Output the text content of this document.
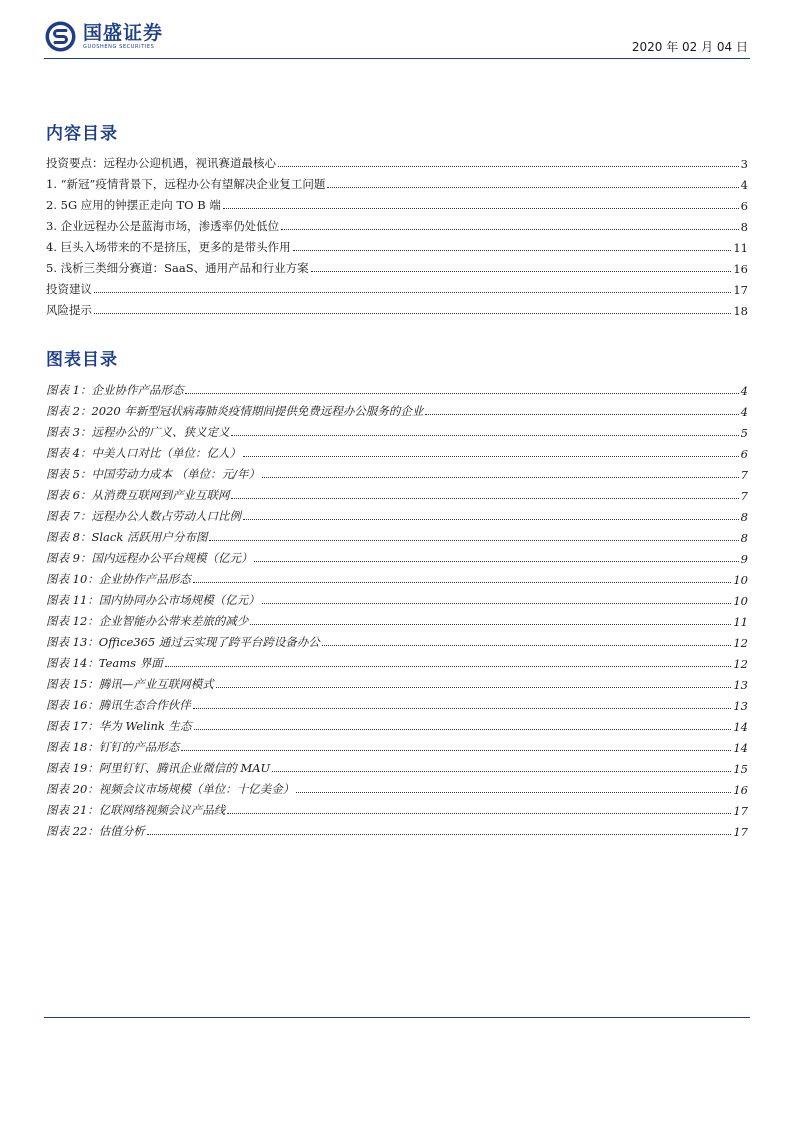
国盛证券
GUOSHENG SECURITIES	2020 年 02 月 04 日
内容目录
投资要点：远程办公迎机遇，视讯赛道最核心	3
1. “新冠”疫情背景下，远程办公有望解决企业复工问题	4
2. 5G 应用的钟摆正走向 TO B 端	6
3. 企业远程办公是蓝海市场，渗透率仍处低位	8
4. 巨头入场带来的不是挤压，更多的是带头作用	11
5. 浅析三类细分赛道：SaaS、通用产品和行业方案	16
投资建议	17
风险提示	18
图表目录
图表 1：企业协作产品形态	4
图表 2：2020 年新型冠状病毒肺炎疫情期间提供免费远程办公服务的企业	4
图表 3：远程办公的广义、狭义定义	5
图表 4：中美人口对比（单位：亿人）	6
图表 5：中国劳动力成本 （单位：元/年）	7
图表 6：从消费互联网到产业互联网	7
图表 7：远程办公人数占劳动人口比例	8
图表 8：Slack 活跃用户分布图	8
图表 9：国内远程办公平台规模（亿元）	9
图表 10：企业协作产品形态	10
图表 11：国内协同办公市场规模（亿元）	10
图表 12：企业智能办公带来差旅的减少	11
图表 13：Office365 通过云实现了跨平台跨设备办公	12
图表 14：Teams 界面	12
图表 15：腾讯—产业互联网模式	13
图表 16：腾讯生态合作伙伴	13
图表 17：华为 Welink 生态	14
图表 18：钉钉的产品形态	14
图表 19：阿里钉钉、腾讯企业微信的 MAU	15
图表 20：视频会议市场规模（单位：十亿美金）	16
图表 21：亿联网络视频会议产品线	17
图表 22：估值分析	17
